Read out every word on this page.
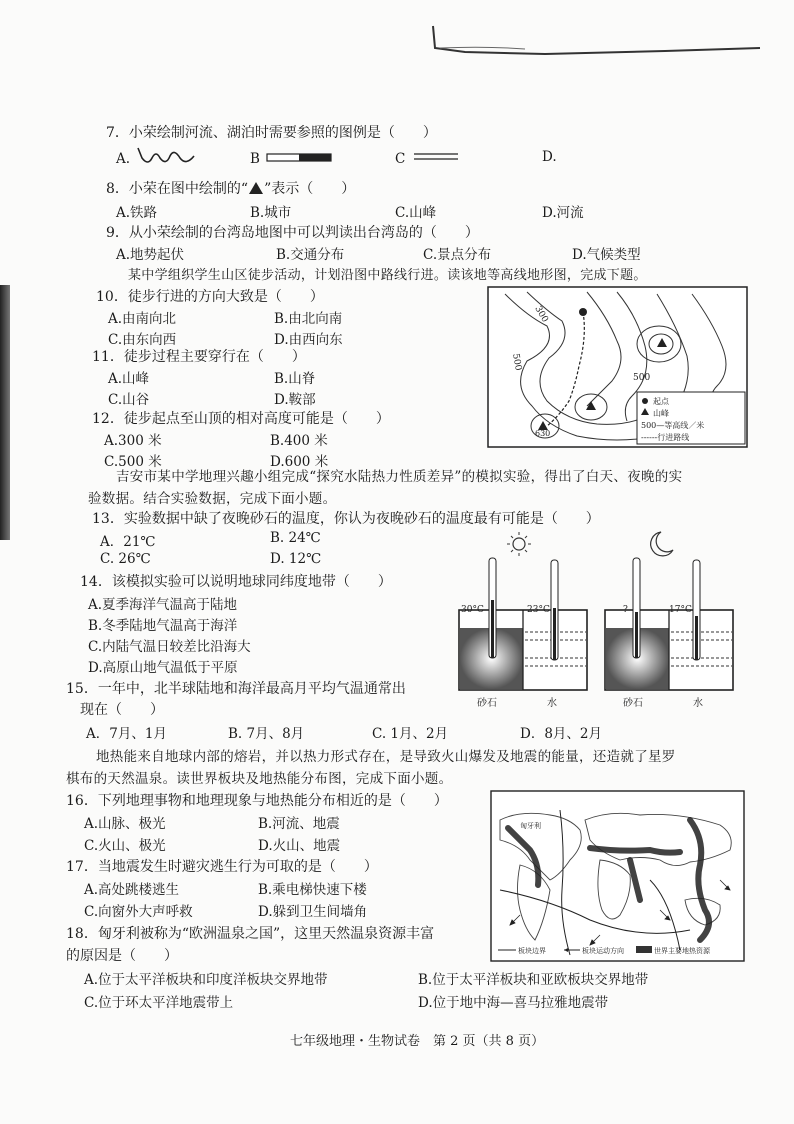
7．小荣绘制河流、湖泊时需要参照的图例是（　　）
A.	B	C	D.
8．小荣在图中绘制的“ ”表示（　　）
A.铁路	B.城市	C.山峰	D.河流
9．从小荣绘制的台湾岛地图中可以判读出台湾岛的（　　）
A.地势起伏	B.交通分布	C.景点分布	D.气候类型
某中学组织学生山区徒步活动，计划沿图中路线行进。读该地等高线地形图，完成下题。
10．徒步行进的方向大致是（　　）
A.由南向北	B.由北向南
C.由东向西	D.由西向东
11．徒步过程主要穿行在（　　）
A.山峰	B.山脊
C.山谷	D.鞍部
12．徒步起点至山顶的相对高度可能是（　　）
A.300 米	B.400 米
C.500 米	D.600 米
300
500
500
630
起点
山峰
500—等高线／米
------行进路线
吉安市某中学地理兴趣小组完成“探究水陆热力性质差异”的模拟实验，得出了白天、夜晚的实
验数据。结合实验数据，完成下面小题。
13．实验数据中缺了夜晚砂石的温度，你认为夜晚砂石的温度最有可能是（　　）
A．21℃	B. 24℃
C. 26℃	D. 12℃
14．该模拟实验可以说明地球同纬度地带（　　）
A.夏季海洋气温高于陆地
B.冬季陆地气温高于海洋
C.内陆气温日较差比沿海大
D.高原山地气温低于平原
15．一年中，北半球陆地和海洋最高月平均气温通常出
现在（　　）
A．7月、1月	B. 7月、8月	C. 1月、2月	D．8月、2月
30°C	23°C
砂石	水
?	17°C
砂石	水
地热能来自地球内部的熔岩，并以热力形式存在，是导致火山爆发及地震的能量，还造就了星罗
棋布的天然温泉。读世界板块及地热能分布图，完成下面小题。
16．下列地理事物和地理现象与地热能分布相近的是（　　）
A.山脉、极光	B.河流、地震
C.火山、极光	D.火山、地震
17．当地震发生时避灾逃生行为可取的是（　　）
A.高处跳楼逃生	B.乘电梯快速下楼
C.向窗外大声呼救	D.躲到卫生间墙角
18．匈牙利被称为“欧洲温泉之国”，这里天然温泉资源丰富
的原因是（　　）
A.位于太平洋板块和印度洋板块交界地带	B.位于太平洋板块和亚欧板块交界地带
C.位于环太平洋地震带上	D.位于地中海—喜马拉雅地震带
匈牙利
板块边界	板块运动方向	世界主要地热资源
七年级地理・生物试卷　第 2 页（共 8 页）
